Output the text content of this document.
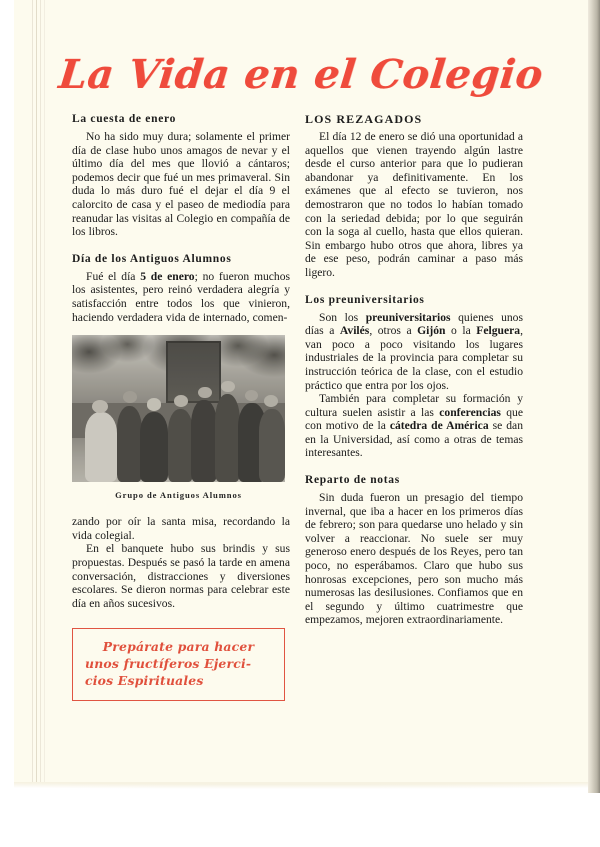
La Vida en el Colegio
La cuesta de enero

No ha sido muy dura; solamente el primer día de clase hubo unos amagos de nevar y el último día del mes que llovió a cántaros; podemos decir que fué un mes primaveral. Sin duda lo más duro fué el dejar el día 9 el calorcito de casa y el paseo de mediodía para reanudar las visitas al Colegio en compañía de los libros.

Día de los Antiguos Alumnos

Fué el día 5 de enero; no fueron muchos los asistentes, pero reinó verdadera alegría y satisfacción entre todos los que vinieron, haciendo verdadera vida de internado, comen-

Grupo de Antiguos Alumnos

zando por oír la santa misa, recordando la vida colegial.

En el banquete hubo sus brindis y sus propuestas. Después se pasó la tarde en amena conversación, distracciones y diversiones escolares. Se dieron normas para celebrar este día en años sucesivos.

Prepárate para hacer
unos fructíferos Ejerci-
cios Espirituales
LOS REZAGADOS

El día 12 de enero se dió una oportunidad a aquellos que vienen trayendo algún lastre desde el curso anterior para que lo pudieran abandonar ya definitivamente. En los exámenes que al efecto se tuvieron, nos demostraron que no todos lo habían tomado con la seriedad debida; por lo que seguirán con la soga al cuello, hasta que ellos quieran. Sin embargo hubo otros que ahora, libres ya de ese peso, podrán caminar a paso más ligero.

Los preuniversitarios

Son los preuniversitarios quienes unos días a Avilés, otros a Gijón o la Felguera, van poco a poco visitando los lugares industriales de la provincia para completar su instrucción teórica de la clase, con el estudio práctico que entra por los ojos.

También para completar su formación y cultura suelen asistir a las conferencias que con motivo de la cátedra de América se dan en la Universidad, así como a otras de temas interesantes.

Reparto de notas

Sin duda fueron un presagio del tiempo invernal, que iba a hacer en los primeros días de febrero; son para quedarse uno helado y sin volver a reaccionar. No suele ser muy generoso enero después de los Reyes, pero tan poco, no esperábamos. Claro que hubo sus honrosas excepciones, pero son mucho más numerosas las desilusiones. Confiamos que en el segundo y último cuatrimestre que empezamos, mejoren extraordinariamente.
